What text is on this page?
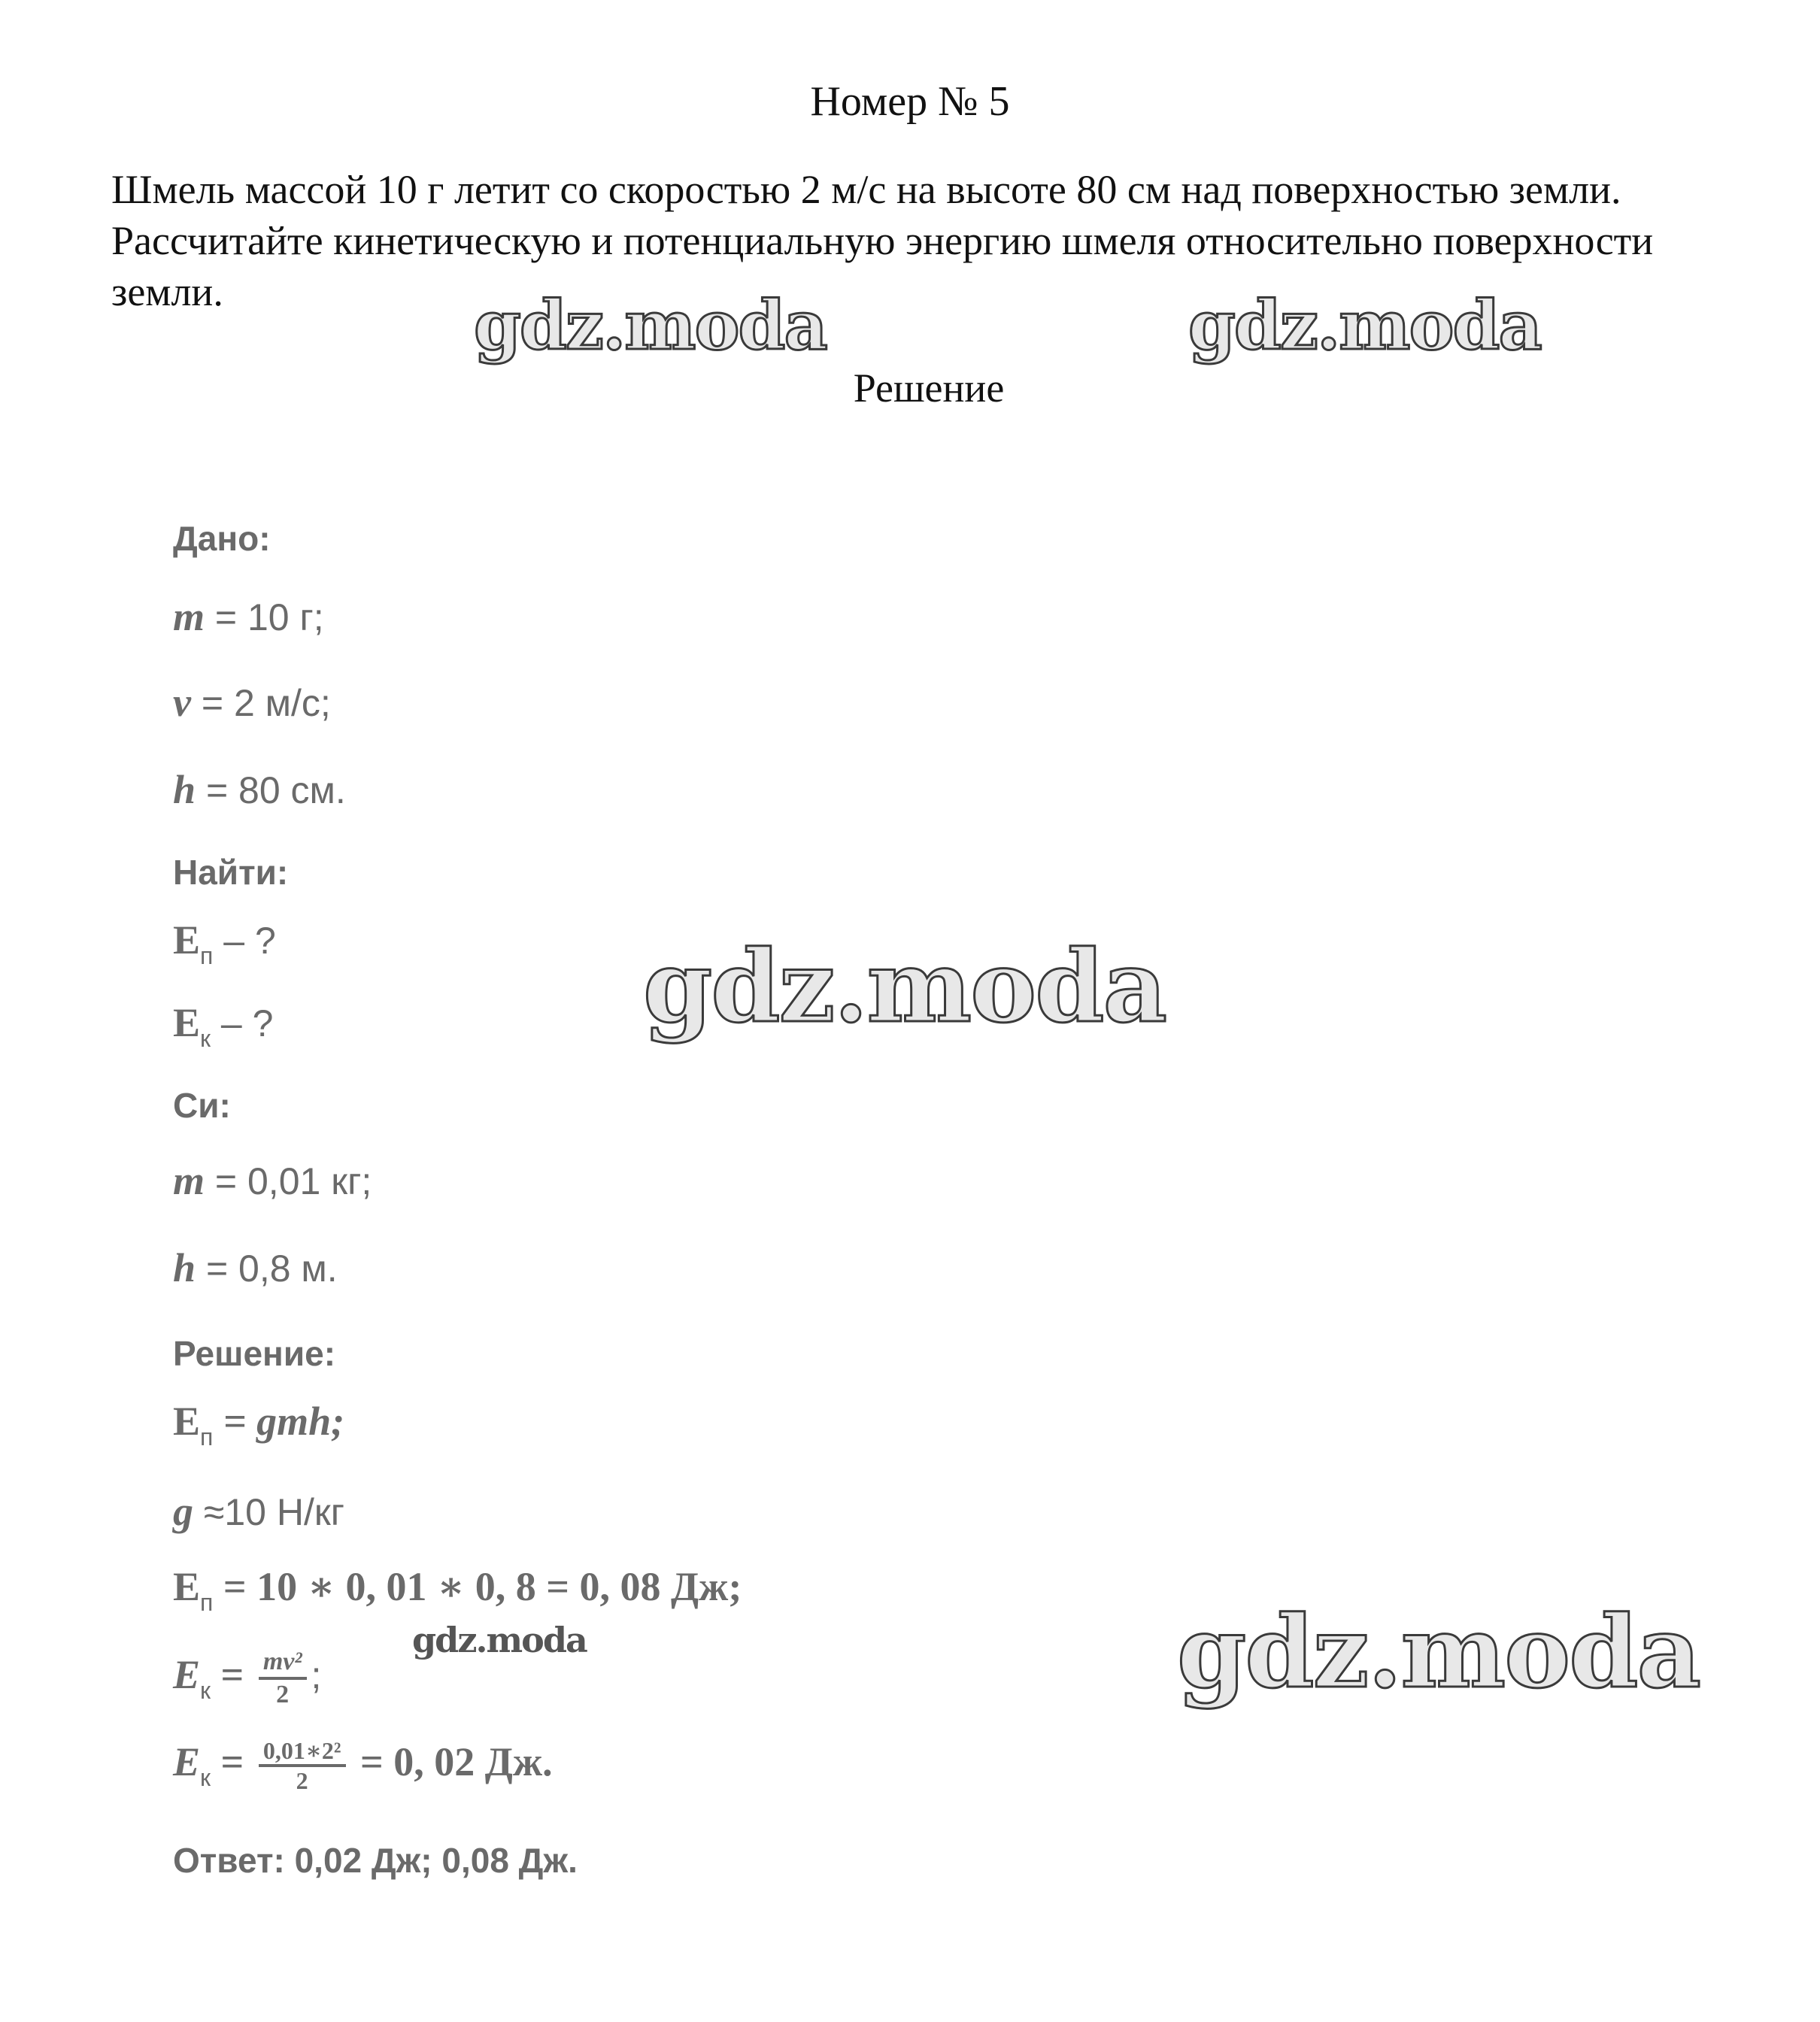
Номер № 5
Шмель массой 10 г летит со скоростью 2 м/с на высоте 80 см над поверхностью земли. Рассчитайте кинетическую и потенциальную энергию шмеля относительно поверхности земли.
Решение
Дано:
m = 10 г;
v = 2 м/с;
h = 80 см.
Найти:
$E_п$ – ?
$E_к$ – ?
Си:
m = 0,01 кг;
h = 0,8 м.
Решение:
$E_п$ = gmh;
g ≈10 Н/кг
$E_п = 10$ ∗ 0, 01 ∗ 0, 8 = 0, 08 Дж;
$E_к = \frac{\text{mv²}}{2}$ ;
$E_к = \frac{\text{0,01∗2²}}{2} = 0$, 02 Дж.
Ответ: 0,02 Дж; 0,08 Дж.
gdz.moda	gdz.moda
gdz.moda
gdz.moda	gdz.moda
